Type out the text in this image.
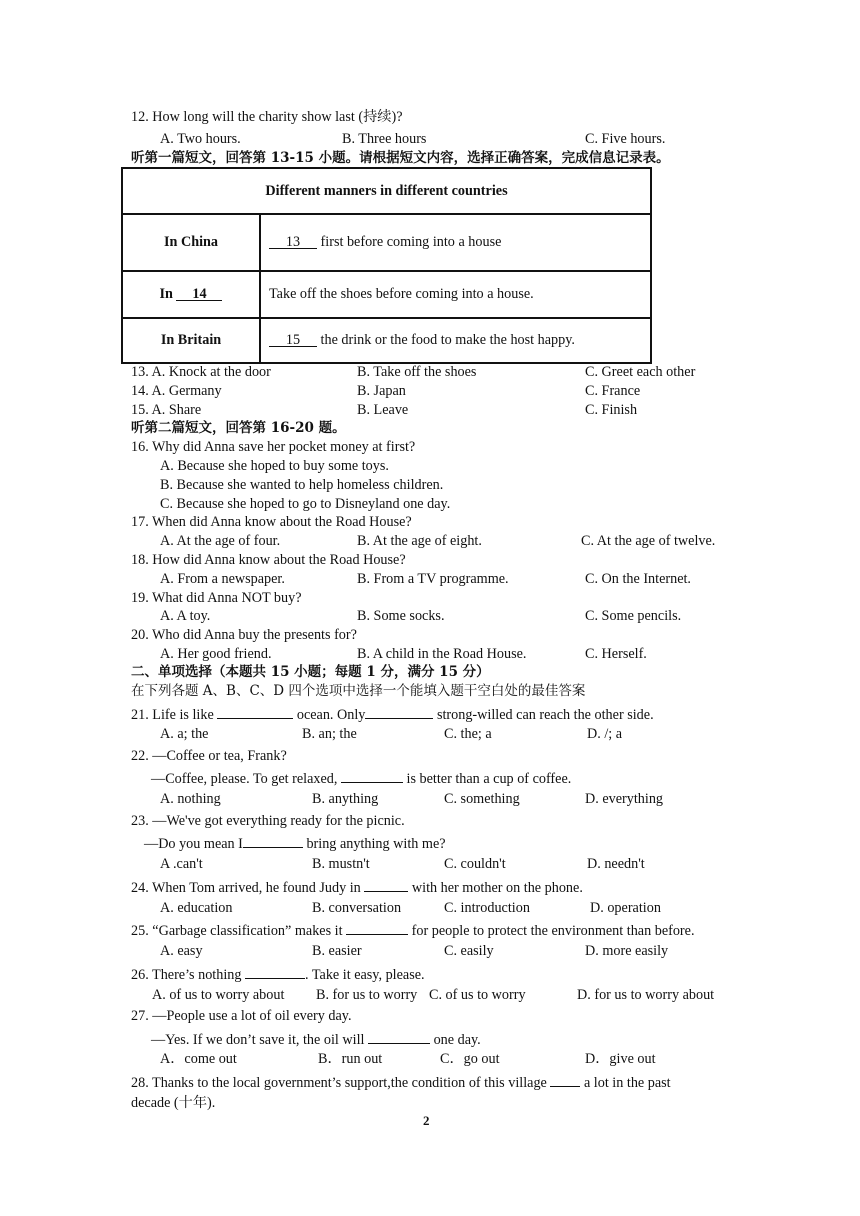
12. How long will the charity show last (持续)?
A. Two hours.	B. Three hours	C. Five hours.
听第一篇短文，回答第 13-15 小题。请根据短文内容，选择正确答案，完成信息记录表。
Different manners in different countries	
In China	13 first before coming into a house
In 14	Take off the shoes before coming into a house.
In Britain	15 the drink or the food to make the host happy.
13. A. Knock at the door	B. Take off the shoes	C. Greet each other
14. A. Germany	B. Japan	C. France
15. A. Share	B. Leave	C. Finish
听第二篇短文，回答第 16-20 题。
16. Why did Anna save her pocket money at first?
A. Because she hoped to buy some toys.
B. Because she wanted to help homeless children.
C. Because she hoped to go to Disneyland one day.
17. When did Anna know about the Road House?
A. At the age of four.	B. At the age of eight.	C. At the age of twelve.
18. How did Anna know about the Road House?
A. From a newspaper.	B. From a TV programme.	C. On the Internet.
19. What did Anna NOT buy?
A. A toy.	B. Some socks.	C. Some pencils.
20. Who did Anna buy the presents for?
A. Her good friend.	B. A child in the Road House.	C. Herself.
二、单项选择（本题共 15 小题；每题 1 分，满分 15 分）
在下列各题 A、B、C、D 四个选项中选择一个能填入题干空白处的最佳答案
21. Life is like	ocean. Only	strong-willed can reach the other side.
A. a; the	B. an; the	C. the; a	D. /; a
22. —Coffee or tea, Frank?
—Coffee, please. To get relaxed,	is better than a cup of coffee.
A. nothing	B. anything	C. something	D. everything
23. —We've got everything ready for the picnic.
—Do you mean I	bring anything with me?
A .can't	B. mustn't	C. couldn't	D. needn't
24. When Tom arrived, he found Judy in	with her mother on the phone.
A. education	B. conversation	C. introduction	D. operation
25. “Garbage classification” makes it	for people to protect the environment than before.
A. easy	B. easier	C. easily	D. more easily
26. There’s nothing	. Take it easy, please.
A. of us to worry about B. for us to worry C. of us to worry	D. for us to worry about
27. —People use a lot of oil every day.
—Yes. If we don’t save it, the oil will	one day.
A．come out	B．run out	C．go out	D．give out
28. Thanks to the local government’s support,the condition of this village  a lot in the past
decade (十年).
2
